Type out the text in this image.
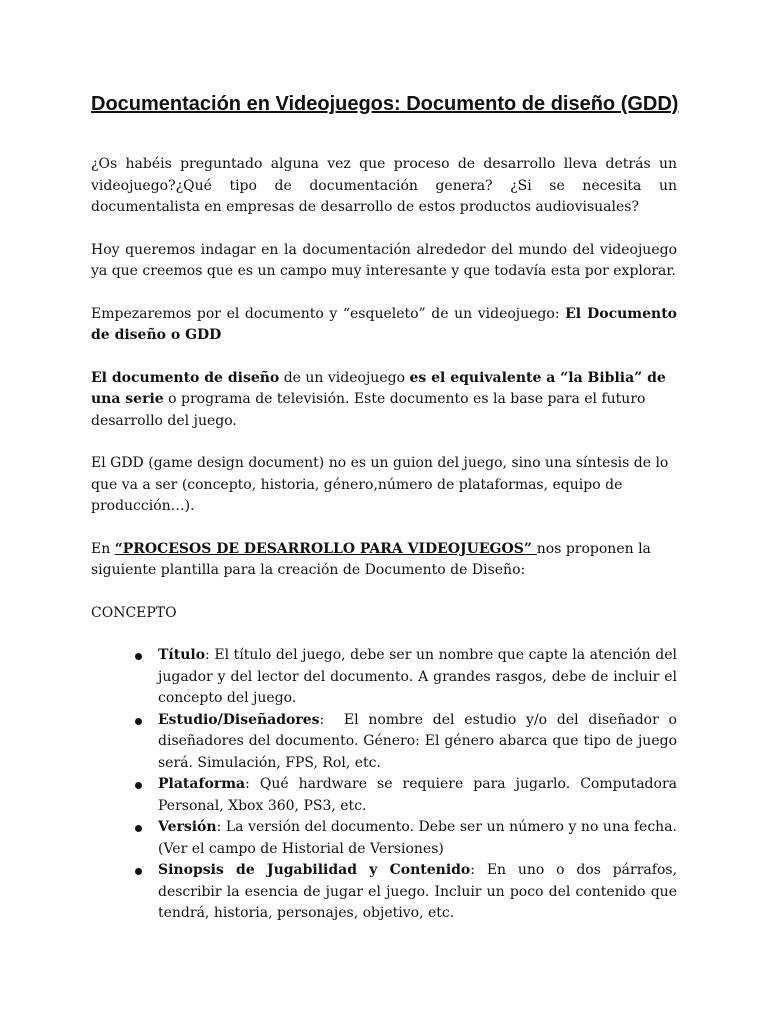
Documentación en Videojuegos: Documento de diseño (GDD)

¿Os habéis preguntado alguna vez que proceso de desarrollo lleva detrás un videojuego?¿Qué tipo de documentación genera? ¿Si se necesita un documentalista en empresas de desarrollo de estos productos audiovisuales?

Hoy queremos indagar en la documentación alrededor del mundo del videojuego ya que creemos que es un campo muy interesante y que todavía esta por explorar.

Empezaremos por el documento y “esqueleto” de un videojuego: El Documento de diseño o GDD

El documento de diseño de un videojuego es el equivalente a “la Biblia” de una serie o programa de televisión. Este documento es la base para el futuro desarrollo del juego.

El GDD (game design document) no es un guion del juego, sino una síntesis de lo que va a ser (concepto, historia, género,número de plataformas, equipo de producción…).

En “PROCESOS DE DESARROLLO PARA VIDEOJUEGOS” nos proponen la siguiente plantilla para la creación de Documento de Diseño:

CONCEPTO
Título: El título del juego, debe ser un nombre que capte la atención del jugador y del lector del documento. A grandes rasgos, debe de incluir el concepto del juego.
Estudio/Diseñadores:  El nombre del estudio y/o del diseñador o diseñadores del documento. Género: El género abarca que tipo de juego será. Simulación, FPS, Rol, etc.
Plataforma: Qué hardware se requiere para jugarlo. Computadora Personal, Xbox 360, PS3, etc.
Versión: La versión del documento. Debe ser un número y no una fecha. (Ver el campo de Historial de Versiones)
Sinopsis de Jugabilidad y Contenido: En uno o dos párrafos, describir la esencia de jugar el juego. Incluir un poco del contenido que tendrá, historia, personajes, objetivo, etc.
